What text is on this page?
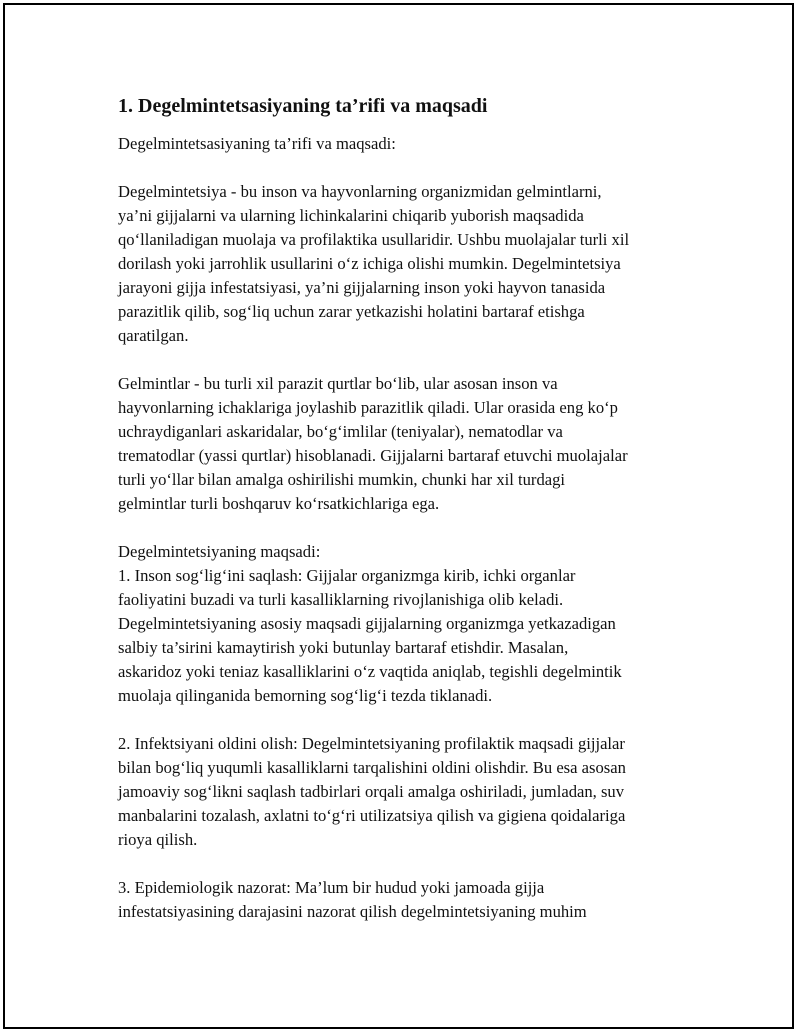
1. Degelmintetsasiyaning ta’rifi va maqsadi

Degelmintetsasiyaning ta’rifi va maqsadi:

Degelmintetsiya - bu inson va hayvonlarning organizmidan gelmintlarni,
ya’ni gijjalarni va ularning lichinkalarini chiqarib yuborish maqsadida
qo‘llaniladigan muolaja va profilaktika usullaridir. Ushbu muolajalar turli xil
dorilash yoki jarrohlik usullarini o‘z ichiga olishi mumkin. Degelmintetsiya
jarayoni gijja infestatsiyasi, ya’ni gijjalarning inson yoki hayvon tanasida
parazitlik qilib, sog‘liq uchun zarar yetkazishi holatini bartaraf etishga
qaratilgan.

Gelmintlar - bu turli xil parazit qurtlar bo‘lib, ular asosan inson va
hayvonlarning ichaklariga joylashib parazitlik qiladi. Ular orasida eng ko‘p
uchraydiganlari askaridalar, bo‘g‘imlilar (teniyalar), nematodlar va
trematodlar (yassi qurtlar) hisoblanadi. Gijjalarni bartaraf etuvchi muolajalar
turli yo‘llar bilan amalga oshirilishi mumkin, chunki har xil turdagi
gelmintlar turli boshqaruv ko‘rsatkichlariga ega.

Degelmintetsiyaning maqsadi:
1. Inson sog‘lig‘ini saqlash: Gijjalar organizmga kirib, ichki organlar
faoliyatini buzadi va turli kasalliklarning rivojlanishiga olib keladi.
Degelmintetsiyaning asosiy maqsadi gijjalarning organizmga yetkazadigan
salbiy ta’sirini kamaytirish yoki butunlay bartaraf etishdir. Masalan,
askaridoz yoki teniaz kasalliklarini o‘z vaqtida aniqlab, tegishli degelmintik
muolaja qilinganida bemorning sog‘lig‘i tezda tiklanadi.

2. Infektsiyani oldini olish: Degelmintetsiyaning profilaktik maqsadi gijjalar
bilan bog‘liq yuqumli kasalliklarni tarqalishini oldini olishdir. Bu esa asosan
jamoaviy sog‘likni saqlash tadbirlari orqali amalga oshiriladi, jumladan, suv
manbalarini tozalash, axlatni to‘g‘ri utilizatsiya qilish va gigiena qoidalariga
rioya qilish.

3. Epidemiologik nazorat: Ma’lum bir hudud yoki jamoada gijja
infestatsiyasining darajasini nazorat qilish degelmintetsiyaning muhim
